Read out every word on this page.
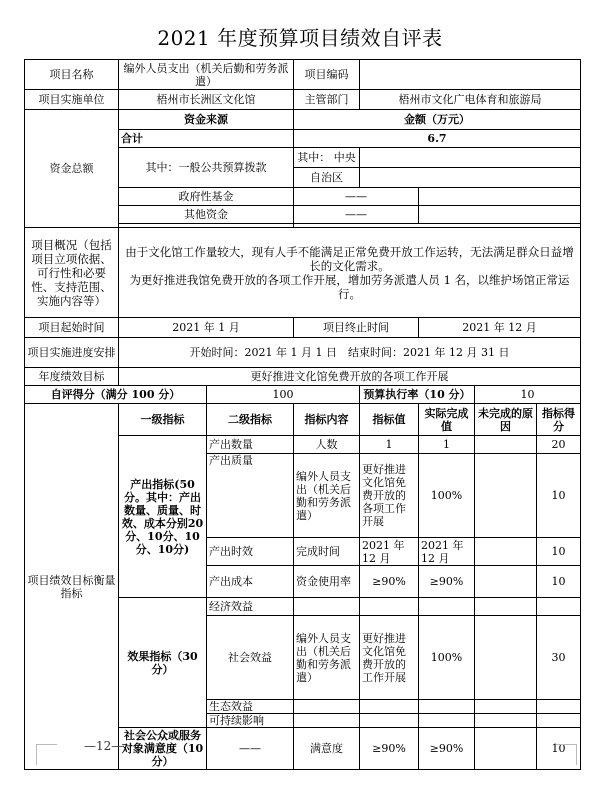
2021 年度预算项目绩效自评表
项目名称	编外人员支出（机关后勤和劳务派遣）		项目编码				
项目实施单位	梧州市长洲区文化馆		主管部门	梧州市文化广电体育和旅游局			
资金总额	资金来源		金额（万元）				
	合计		6.7				
	其中：一般公共预算拨款		其中： 中央				
			自治区				
	政府性基金		——				
	其他资金		——				

项目概况（包括项目立项依据、可行性和必要性、支持范围、实施内容等）	由于文化馆工作量较大，现有人手不能满足正常免费开放工作运转，无法满足群众日益增长的文化需求。
为更好推进我馆免费开放的各项工作开展，增加劳务派遣人员 1 名，以维护场馆正常运行。						

项目起始时间	2021 年 1 月		项目终止时间		2021 年 12 月		
项目实施进度安排	开始时间：2021 年 1 月 1 日　结束时间：2021 年 12 月 31 日						
年度绩效目标	更好推进文化馆免费开放的各项工作开展						
自评得分（满分 100 分）		100		预算执行率（10 分）		10	
项目绩效目标衡量指标	一级指标	二级指标	指标内容	指标值	实际完成值	未完成的原因	指标得分
	产出指标(50分。其中：产出数量、质量、时效、成本分别20分、10分、10分、10分)	产出数量	人数	1	1		20
		产出质量	编外人员支出（机关后勤和劳务派遣）	更好推进文化馆免费开放的各项工作开展	100%		10
		产出时效	完成时间	2021 年 12 月	2021 年 12 月		10
		产出成本	资金使用率	≥90%	≥90%		10
	效果指标（30分）	经济效益					
		社会效益	编外人员支出（机关后勤和劳务派遣）	更好推进文化馆免费开放的工作开展	100%		30
		生态效益					
		可持续影响					
	社会公众或服务对象满意度（10分）	——	满意度	≥90%	≥90%		10
—12—
